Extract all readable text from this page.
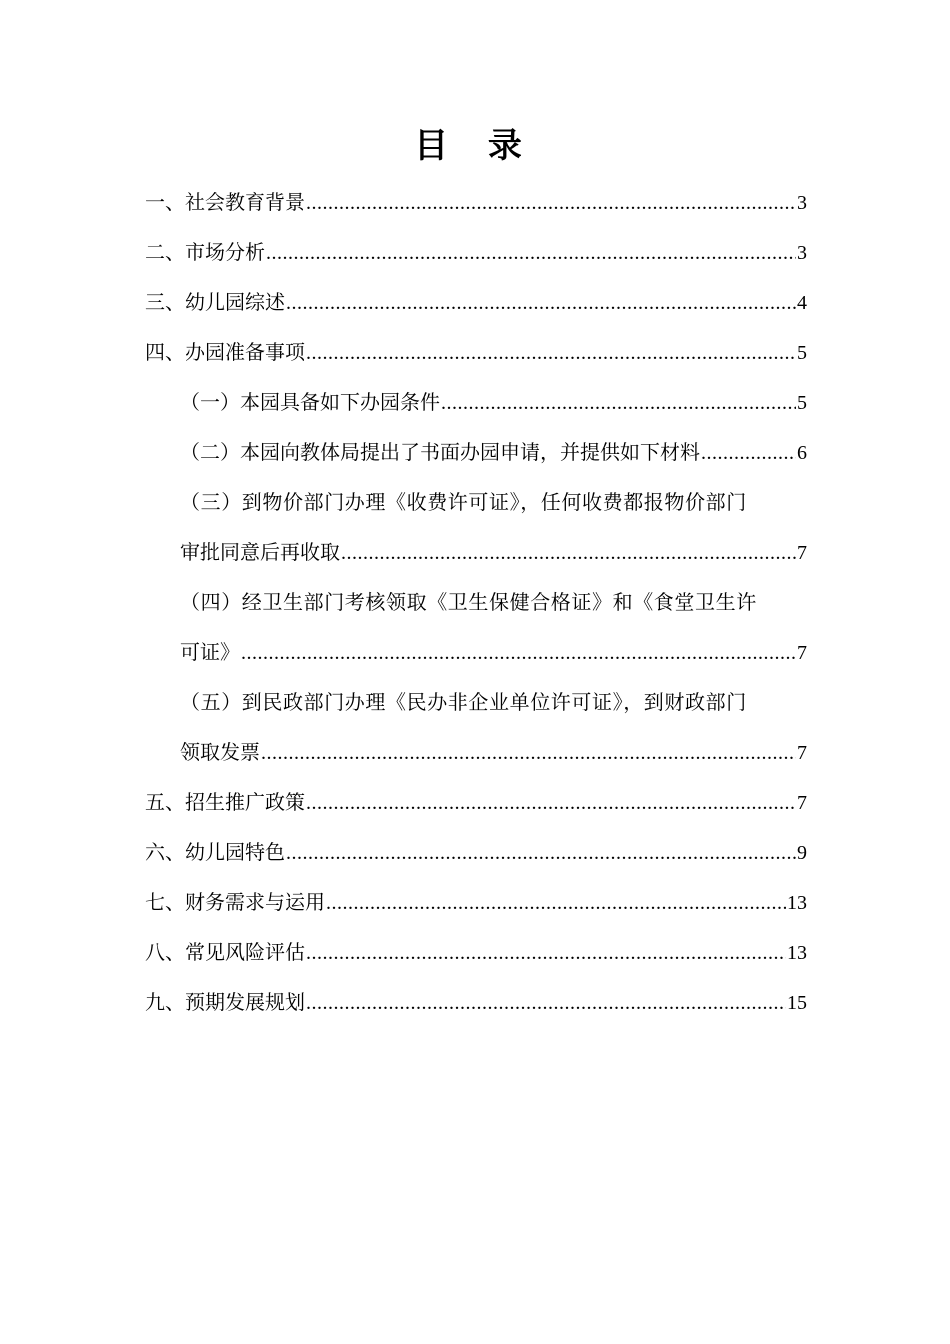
目 录
一、社会教育背景 .....	3
二、市场分析 .....	3
三、幼儿园综述 .....	4
四、办园准备事项 .....	5
（一）本园具备如下办园条件 .....	5
（二）本园向教体局提出了书面办园申请，并提供如下材料 .....	6
（三）到物价部门办理《收费许可证》，任何收费都报物价部门
审批同意后再收取 .....	7
（四）经卫生部门考核领取《卫生保健合格证》和《食堂卫生许
可证》 .....	7
（五）到民政部门办理《民办非企业单位许可证》，到财政部门
领取发票 .....	7
五、招生推广政策 .....	7
六、幼儿园特色 .....	9
七、财务需求与运用 .....	13
八、常见风险评估 .....	13
九、预期发展规划 .....	15
